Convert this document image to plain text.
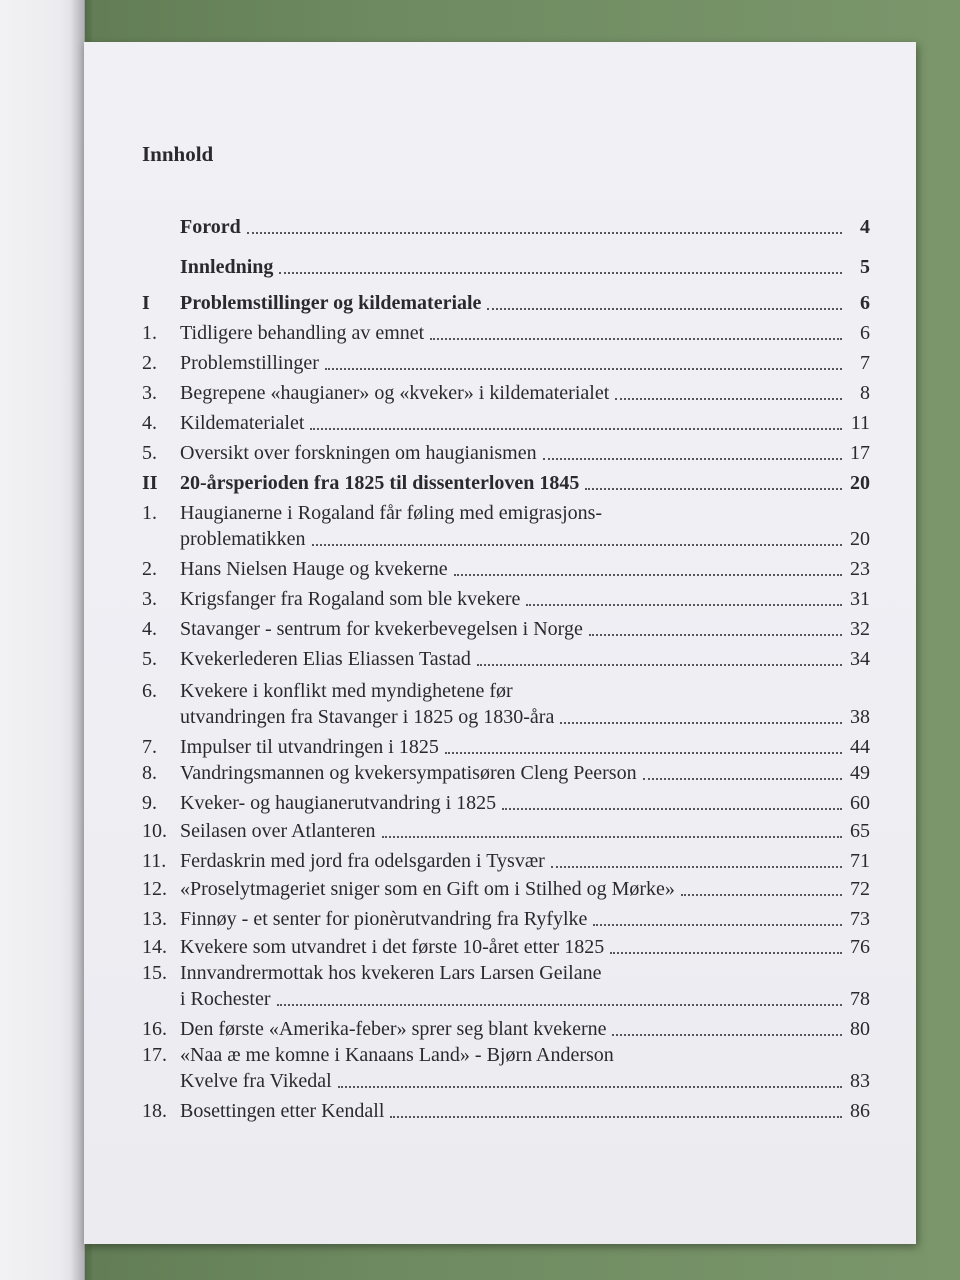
Innhold
Forord	4
Innledning	5
I	Problemstillinger og kildemateriale	6
1.	Tidligere behandling av emnet	6
2.	Problemstillinger	7
3.	Begrepene «haugianer» og «kveker» i kildematerialet	8
4.	Kildematerialet	11
5.	Oversikt over forskningen om haugianismen	17
II	20-årsperioden fra 1825 til dissenterloven 1845	20
1.	Haugianerne i Rogaland får føling med emigrasjons-
problematikken	20
2.	Hans Nielsen Hauge og kvekerne	23
3.	Krigsfanger fra Rogaland som ble kvekere	31
4.	Stavanger - sentrum for kvekerbevegelsen i Norge	32
5.	Kvekerlederen Elias Eliassen Tastad	34
6.	Kvekere i konflikt med myndighetene før
utvandringen fra Stavanger i 1825 og 1830-åra	38
7.	Impulser til utvandringen i 1825	44
8.	Vandringsmannen og kvekersympatisøren Cleng Peerson	49
9.	Kveker- og haugianerutvandring i 1825	60
10. Seilasen over Atlanteren	65
11. Ferdaskrin med jord fra odelsgarden i Tysvær	71
12. «Proselytmageriet sniger som en Gift om i Stilhed og Mørke»	72
13. Finnøy - et senter for pionèrutvandring fra Ryfylke	73
14. Kvekere som utvandret i det første 10-året etter 1825	76
15. Innvandrermottak hos kvekeren Lars Larsen Geilane
i Rochester	78
16. Den første «Amerika-feber» sprer seg blant kvekerne	80
17. «Naa æ me komne i Kanaans Land» - Bjørn Anderson
Kvelve fra Vikedal	83
18. Bosettingen etter Kendall	86
